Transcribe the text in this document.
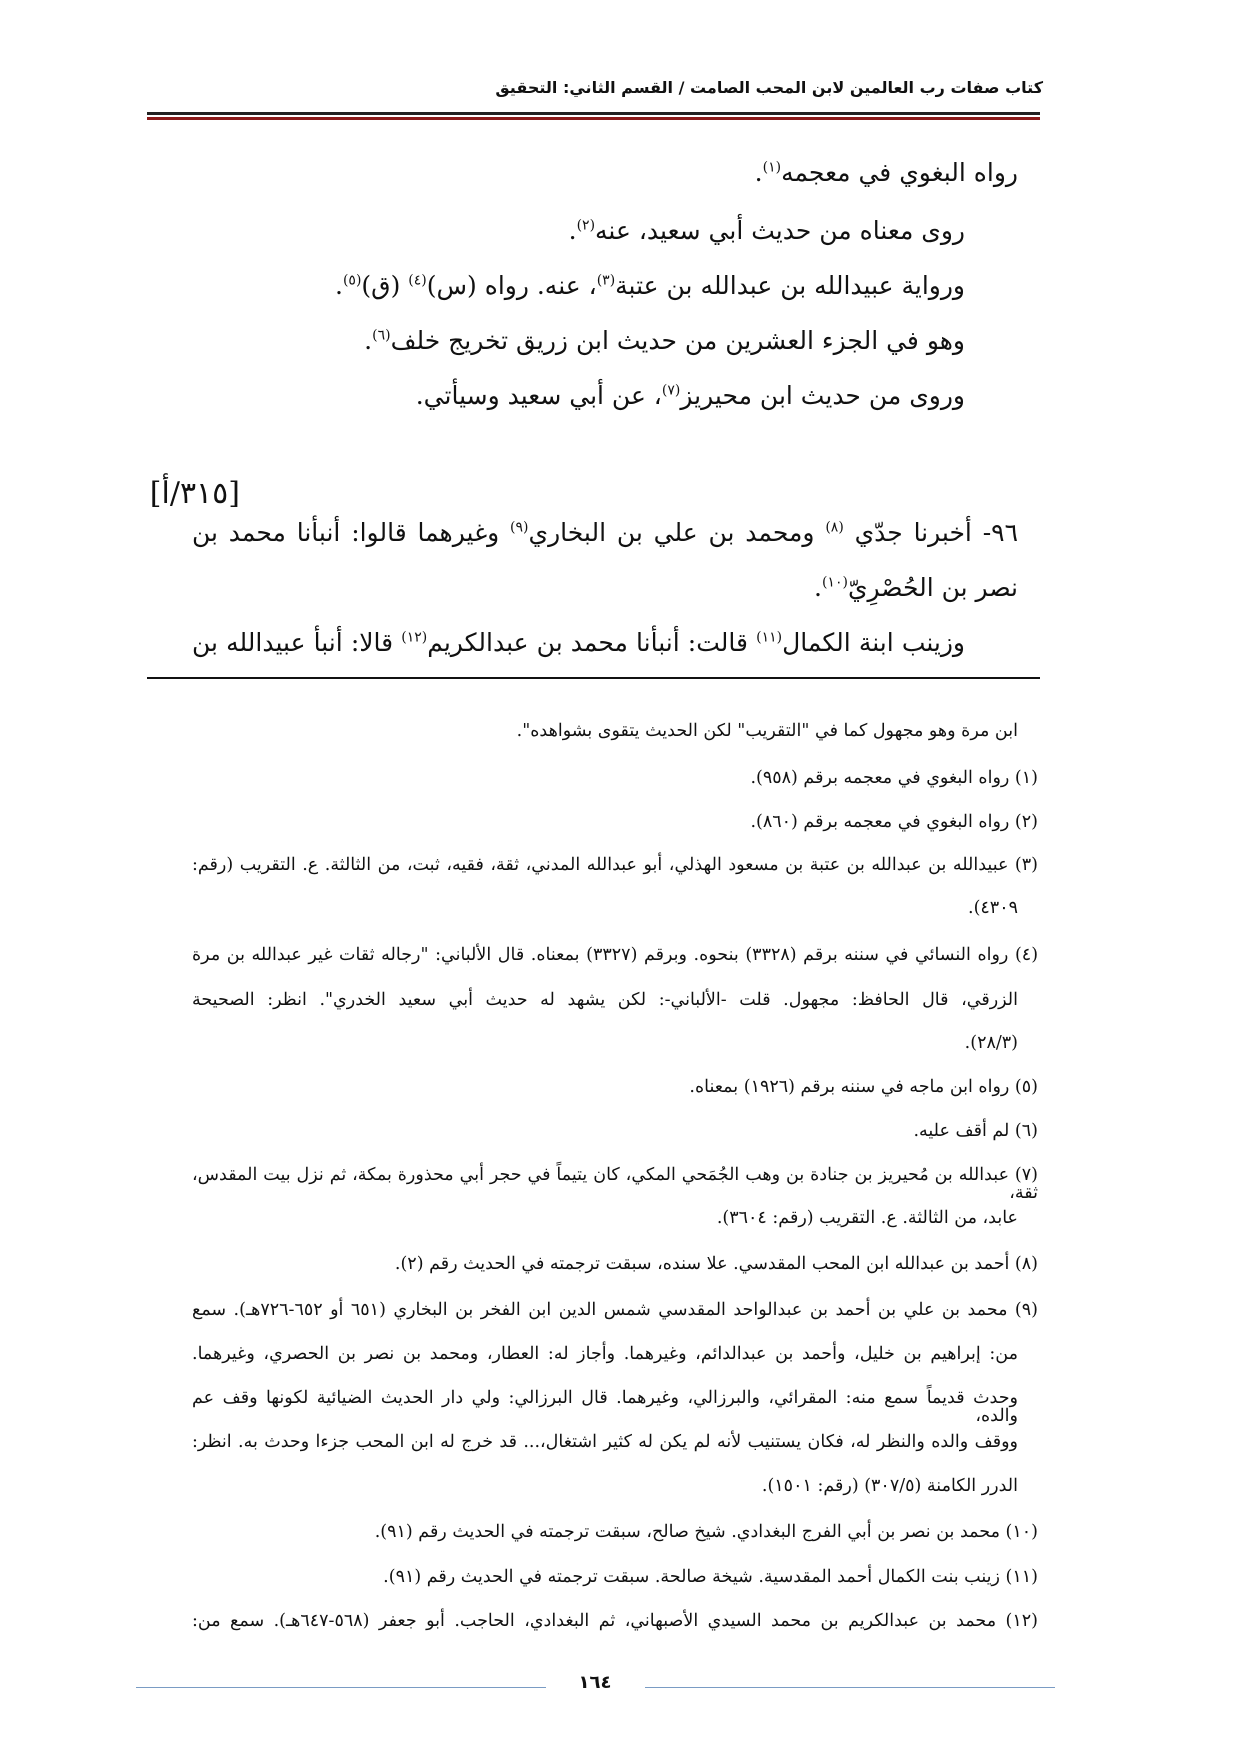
كتاب صفات رب العالمين لابن المحب الصامت / القسم الثاني: التحقيق
رواه البغوي في معجمه$^{(١)}$.
روى معناه من حديث أبي سعيد، عنه$^{(٢)}$.
ورواية عبيدالله بن عبدالله بن عتبة$^{(٣)}$، عنه. رواه (س)$^{(٤)}$ (ق)$^{(٥)}$.
وهو في الجزء العشرين من حديث ابن زريق تخريج خلف$^{(٦)}$.
وروى من حديث ابن محيريز$^{(٧)}$، عن أبي سعيد وسيأتي.
[٣١٥/أ]
٩٦- أخبرنا جدّي $^{(٨)}$ ومحمد بن علي بن البخاري$^{(٩)}$ وغيرهما قالوا: أنبأنا محمد بن
نصر بن الحُصْرِيّ$^{(١٠)}$.
وزينب ابنة الكمال$^{(١١)}$ قالت: أنبأنا محمد بن عبدالكريم$^{(١٢)}$ قالا: أنبأ عبيدالله بن
ابن مرة وهو مجهول كما في "التقريب" لكن الحديث يتقوى بشواهده".
(١) رواه البغوي في معجمه برقم (٩٥٨).
(٢) رواه البغوي في معجمه برقم (٨٦٠).
(٣) عبيدالله بن عبدالله بن عتبة بن مسعود الهذلي، أبو عبدالله المدني، ثقة، فقيه، ثبت، من الثالثة. ع. التقريب (رقم:
٤٣٠٩).
(٤) رواه النسائي في سننه برقم (٣٣٢٨) بنحوه. وبرقم (٣٣٢٧) بمعناه. قال الألباني: "رجاله ثقات غير عبدالله بن مرة
الزرقي، قال الحافظ: مجهول. قلت -الألباني-: لكن يشهد له حديث أبي سعيد الخدري". انظر: الصحيحة
(٢٨/٣).
(٥) رواه ابن ماجه في سننه برقم (١٩٢٦) بمعناه.
(٦) لم أقف عليه.
(٧) عبدالله بن مُحيريز بن جنادة بن وهب الجُمَحي المكي، كان يتيماً في حجر أبي محذورة بمكة، ثم نزل بيت المقدس، ثقة،
عابد، من الثالثة. ع. التقريب (رقم: ٣٦٠٤).
(٨) أحمد بن عبدالله ابن المحب المقدسي. علا سنده، سبقت ترجمته في الحديث رقم (٢).
(٩) محمد بن علي بن أحمد بن عبدالواحد المقدسي شمس الدين ابن الفخر بن البخاري (٦٥١ أو ٦٥٢-٧٢٦هـ). سمع
من: إبراهيم بن خليل، وأحمد بن عبدالدائم، وغيرهما. وأجاز له: العطار، ومحمد بن نصر بن الحصري، وغيرهما.
وحدث قديماً سمع منه: المقرائي، والبرزالي، وغيرهما. قال البرزالي: ولي دار الحديث الضيائية لكونها وقف عم والده،
ووقف والده والنظر له، فكان يستنيب لأنه لم يكن له كثير اشتغال،... قد خرج له ابن المحب جزءا وحدث به. انظر:
الدرر الكامنة (٣٠٧/٥) (رقم: ١٥٠١).
(١٠) محمد بن نصر بن أبي الفرج البغدادي. شيخ صالح، سبقت ترجمته في الحديث رقم (٩١).
(١١) زينب بنت الكمال أحمد المقدسية. شيخة صالحة. سبقت ترجمته في الحديث رقم (٩١).
(١٢) محمد بن عبدالكريم بن محمد السيدي الأصبهاني، ثم البغدادي، الحاجب. أبو جعفر (٥٦٨-٦٤٧هـ). سمع من:
١٦٤
